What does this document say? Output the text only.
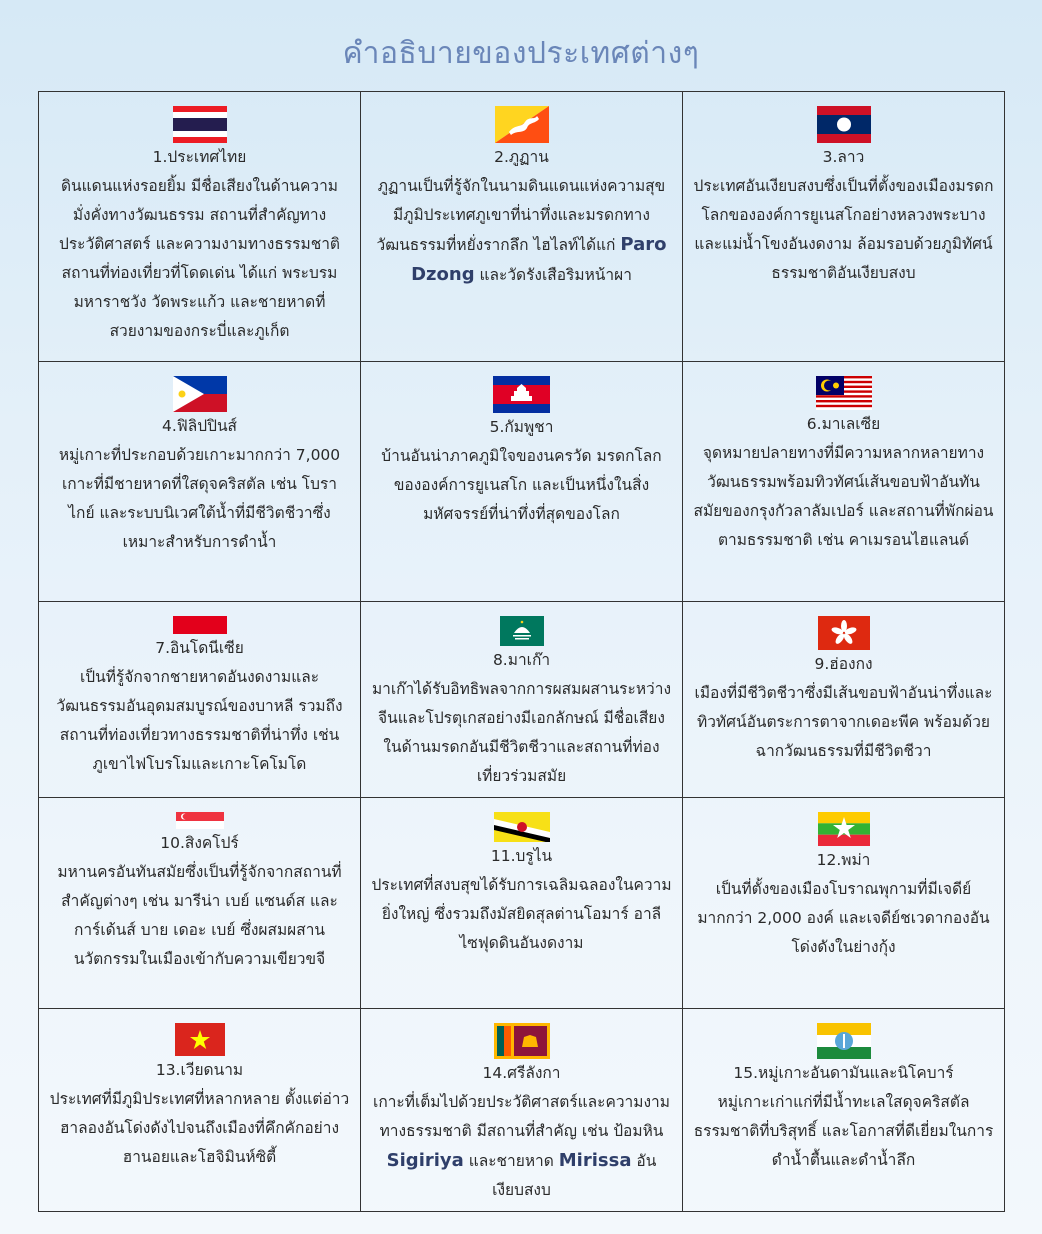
คำอธิบายของประเทศต่างๆ
1.ประเทศไทย
ดินแดนแห่งรอยยิ้ม มีชื่อเสียงในด้านความมั่งคั่งทางวัฒนธรรม สถานที่สำคัญทางประวัติศาสตร์ และความงามทางธรรมชาติ สถานที่ท่องเที่ยวที่โดดเด่น ได้แก่ พระบรมมหาราชวัง วัดพระแก้ว และชายหาดที่สวยงามของกระบี่และภูเก็ต	2.ภูฏาน
ภูฏานเป็นที่รู้จักในนามดินแดนแห่งความสุข มีภูมิประเทศภูเขาที่น่าทึ่งและมรดกทางวัฒนธรรมที่หยั่งรากลึก ไฮไลท์ได้แก่ Paro Dzong และวัดรังเสือริมหน้าผา	3.ลาว
ประเทศอันเงียบสงบซึ่งเป็นที่ตั้งของเมืองมรดกโลกขององค์การยูเนสโกอย่างหลวงพระบางและแม่น้ำโขงอันงดงาม ล้อมรอบด้วยภูมิทัศน์ธรรมชาติอันเงียบสงบ

4.ฟิลิปปินส์
หมู่เกาะที่ประกอบด้วยเกาะมากกว่า 7,000 เกาะที่มีชายหาดที่ใสดุจคริสตัล เช่น โบราไกย์ และระบบนิเวศใต้น้ำที่มีชีวิตชีวาซึ่งเหมาะสำหรับการดำน้ำ	5.กัมพูชา
บ้านอันน่าภาคภูมิใจของนครวัด มรดกโลกขององค์การยูเนสโก และเป็นหนึ่งในสิ่งมหัศจรรย์ที่น่าทึ่งที่สุดของโลก	6.มาเลเซีย
จุดหมายปลายทางที่มีความหลากหลายทางวัฒนธรรมพร้อมทิวทัศน์เส้นขอบฟ้าอันทันสมัยของกรุงกัวลาลัมเปอร์ และสถานที่พักผ่อนตามธรรมชาติ เช่น คาเมรอนไฮแลนด์

7.อินโดนีเซีย
เป็นที่รู้จักจากชายหาดอันงดงามและวัฒนธรรมอันอุดมสมบูรณ์ของบาหลี รวมถึงสถานที่ท่องเที่ยวทางธรรมชาติที่น่าทึ่ง เช่น ภูเขาไฟโบรโมและเกาะโคโมโด	8.มาเก๊า
มาเก๊าได้รับอิทธิพลจากการผสมผสานระหว่างจีนและโปรตุเกสอย่างมีเอกลักษณ์ มีชื่อเสียงในด้านมรดกอันมีชีวิตชีวาและสถานที่ท่องเที่ยวร่วมสมัย	9.ฮ่องกง
เมืองที่มีชีวิตชีวาซึ่งมีเส้นขอบฟ้าอันน่าทึ่งและทิวทัศน์อันตระการตาจากเดอะพีค พร้อมด้วยฉากวัฒนธรรมที่มีชีวิตชีวา

10.สิงคโปร์
มหานครอันทันสมัยซึ่งเป็นที่รู้จักจากสถานที่สำคัญต่างๆ เช่น มารีน่า เบย์ แซนด์ส และการ์เด้นส์ บาย เดอะ เบย์ ซึ่งผสมผสานนวัตกรรมในเมืองเข้ากับความเขียวขจี	11.บรูไน
ประเทศที่สงบสุขได้รับการเฉลิมฉลองในความยิ่งใหญ่ ซึ่งรวมถึงมัสยิดสุลต่านโอมาร์ อาลี ไซฟุดดินอันงดงาม	12.พม่า
เป็นที่ตั้งของเมืองโบราณพุกามที่มีเจดีย์มากกว่า 2,000 องค์ และเจดีย์ชเวดากองอันโด่งดังในย่างกุ้ง

13.เวียดนาม
ประเทศที่มีภูมิประเทศที่หลากหลาย ตั้งแต่อ่าวฮาลองอันโด่งดังไปจนถึงเมืองที่คึกคักอย่างฮานอยและโฮจิมินห์ซิตี้	14.ศรีลังกา
เกาะที่เต็มไปด้วยประวัติศาสตร์และความงามทางธรรมชาติ มีสถานที่สำคัญ เช่น ป้อมหิน Sigiriya และชายหาด Mirissa อันเงียบสงบ	15.หมู่เกาะอันดามันและนิโคบาร์
หมู่เกาะเก่าแก่ที่มีน้ำทะเลใสดุจคริสตัล ธรรมชาติที่บริสุทธิ์ และโอกาสที่ดีเยี่ยมในการดำน้ำตื้นและดำน้ำลึก
